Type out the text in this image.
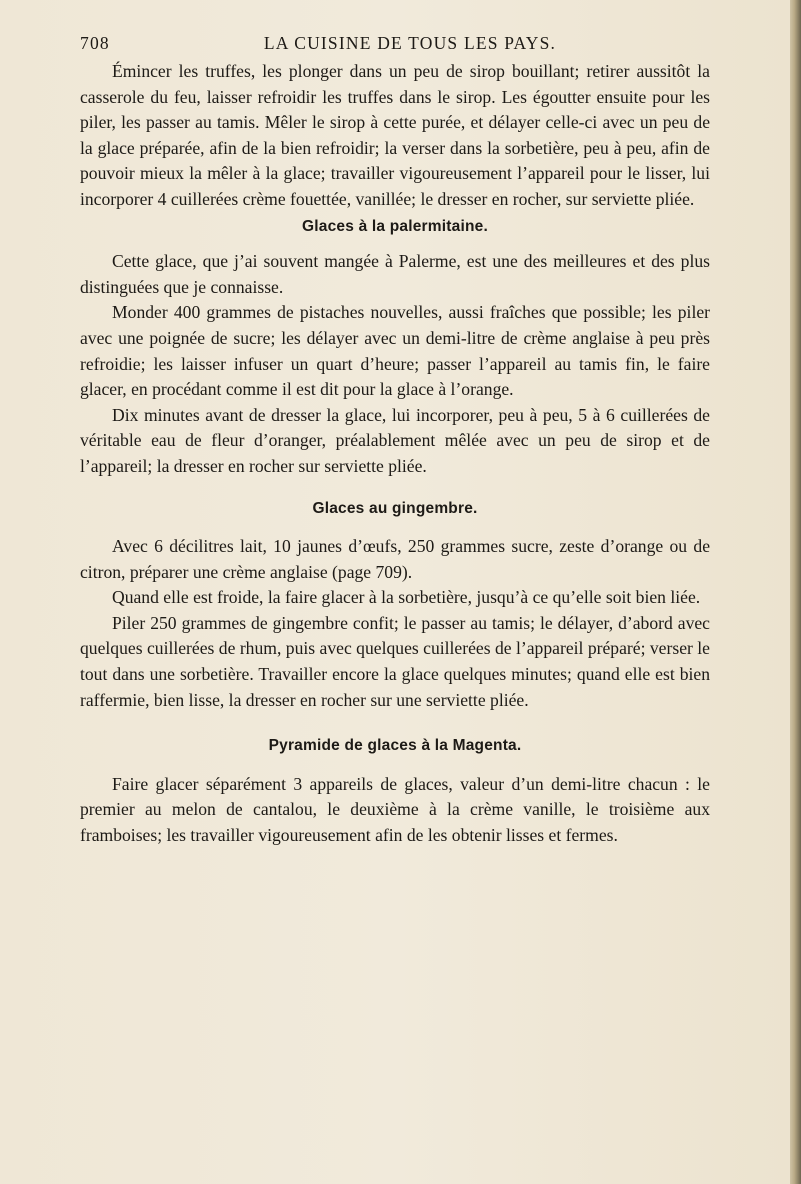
708	LA CUISINE DE TOUS LES PAYS.

Émincer les truffes, les plonger dans un peu de sirop bouillant; retirer aussitôt la casserole du feu, laisser refroidir les truffes dans le sirop. Les égoutter ensuite pour les piler, les passer au tamis. Mêler le sirop à cette purée, et délayer celle-ci avec un peu de la glace préparée, afin de la bien refroidir; la verser dans la sorbetière, peu à peu, afin de pouvoir mieux la mêler à la glace; travailler vigoureusement l’appareil pour le lisser, lui incorporer 4 cuillerées crème fouettée, vanillée; le dresser en rocher, sur serviette pliée.

Glaces à la palermitaine.

Cette glace, que j’ai souvent mangée à Palerme, est une des meilleures et des plus distinguées que je connaisse.

Monder 400 grammes de pistaches nouvelles, aussi fraîches que possible; les piler avec une poignée de sucre; les délayer avec un demi-litre de crème anglaise à peu près refroidie; les laisser infuser un quart d’heure; passer l’appareil au tamis fin, le faire glacer, en procédant comme il est dit pour la glace à l’orange.

Dix minutes avant de dresser la glace, lui incorporer, peu à peu, 5 à 6 cuillerées de véritable eau de fleur d’oranger, préalablement mêlée avec un peu de sirop et de l’appareil; la dresser en rocher sur serviette pliée.

Glaces au gingembre.

Avec 6 décilitres lait, 10 jaunes d’œufs, 250 grammes sucre, zeste d’orange ou de citron, préparer une crème anglaise (page 709).

Quand elle est froide, la faire glacer à la sorbetière, jusqu’à ce qu’elle soit bien liée.

Piler 250 grammes de gingembre confit; le passer au tamis; le délayer, d’abord avec quelques cuillerées de rhum, puis avec quelques cuillerées de l’appareil préparé; verser le tout dans une sorbetière. Travailler encore la glace quelques minutes; quand elle est bien raffermie, bien lisse, la dresser en rocher sur une serviette pliée.

Pyramide de glaces à la Magenta.

Faire glacer séparément 3 appareils de glaces, valeur d’un demi-litre chacun : le premier au melon de cantalou, le deuxième à la crème vanille, le troisième aux framboises; les travailler vigoureusement afin de les obtenir lisses et fermes.
